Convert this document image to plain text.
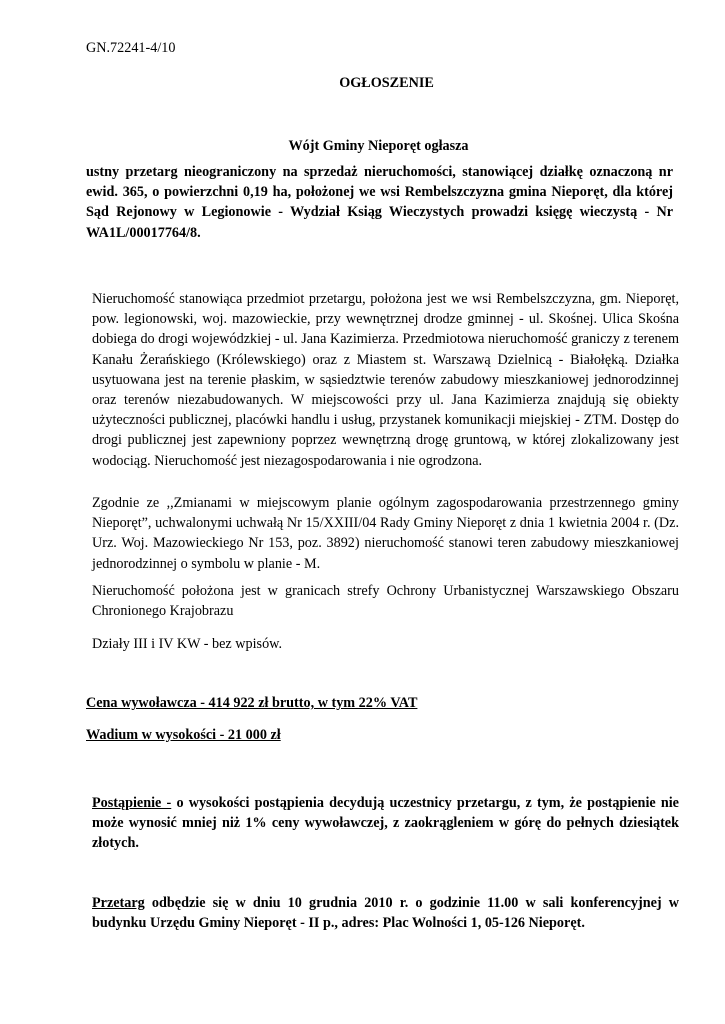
GN.72241-4/10
OGŁOSZENIE
Wójt Gminy Nieporęt ogłasza
ustny przetarg nieograniczony na sprzedaż nieruchomości, stanowiącej działkę oznaczoną nr ewid. 365, o powierzchni 0,19 ha, położonej we wsi Rembelszczyzna gmina Nieporęt, dla której Sąd Rejonowy w Legionowie - Wydział Ksiąg Wieczystych prowadzi księgę wieczystą - Nr WA1L/00017764/8.
Nieruchomość stanowiąca przedmiot przetargu, położona jest we wsi Rembelszczyzna, gm. Nieporęt, pow. legionowski, woj. mazowieckie, przy wewnętrznej drodze gminnej - ul. Skośnej. Ulica Skośna dobiega do drogi wojewódzkiej - ul. Jana Kazimierza. Przedmiotowa nieruchomość graniczy z terenem Kanału Żerańskiego (Królewskiego) oraz z Miastem st. Warszawą Dzielnicą - Białołęką. Działka usytuowana jest na terenie płaskim, w sąsiedztwie terenów zabudowy mieszkaniowej jednorodzinnej oraz terenów niezabudowanych. W miejscowości przy ul. Jana Kazimierza znajdują się obiekty użyteczności publicznej, placówki handlu i usług, przystanek komunikacji miejskiej - ZTM. Dostęp do drogi publicznej jest zapewniony poprzez wewnętrzną drogę gruntową, w której zlokalizowany jest wodociąg. Nieruchomość jest niezagospodarowania i nie ogrodzona.
Zgodnie ze ,,Zmianami w miejscowym planie ogólnym zagospodarowania przestrzennego gminy Nieporęt”, uchwalonymi uchwałą Nr 15/XXIII/04 Rady Gminy Nieporęt z dnia 1 kwietnia 2004 r. (Dz. Urz. Woj. Mazowieckiego Nr 153, poz. 3892) nieruchomość stanowi teren zabudowy mieszkaniowej jednorodzinnej o symbolu w planie - M.
Nieruchomość położona jest w granicach strefy Ochrony Urbanistycznej Warszawskiego Obszaru Chronionego Krajobrazu
Działy III i IV KW - bez wpisów.
Cena wywoławcza - 414 922 zł brutto, w tym 22% VAT
Wadium w wysokości - 21 000 zł
Postąpienie - o wysokości postąpienia decydują uczestnicy przetargu, z tym, że postąpienie nie może wynosić mniej niż 1% ceny wywoławczej, z zaokrągleniem w górę do pełnych dziesiątek złotych.
Przetarg odbędzie się w dniu 10 grudnia 2010 r. o godzinie 11.00 w sali konferencyjnej w budynku Urzędu Gminy Nieporęt - II p., adres: Plac Wolności 1, 05-126 Nieporęt.
